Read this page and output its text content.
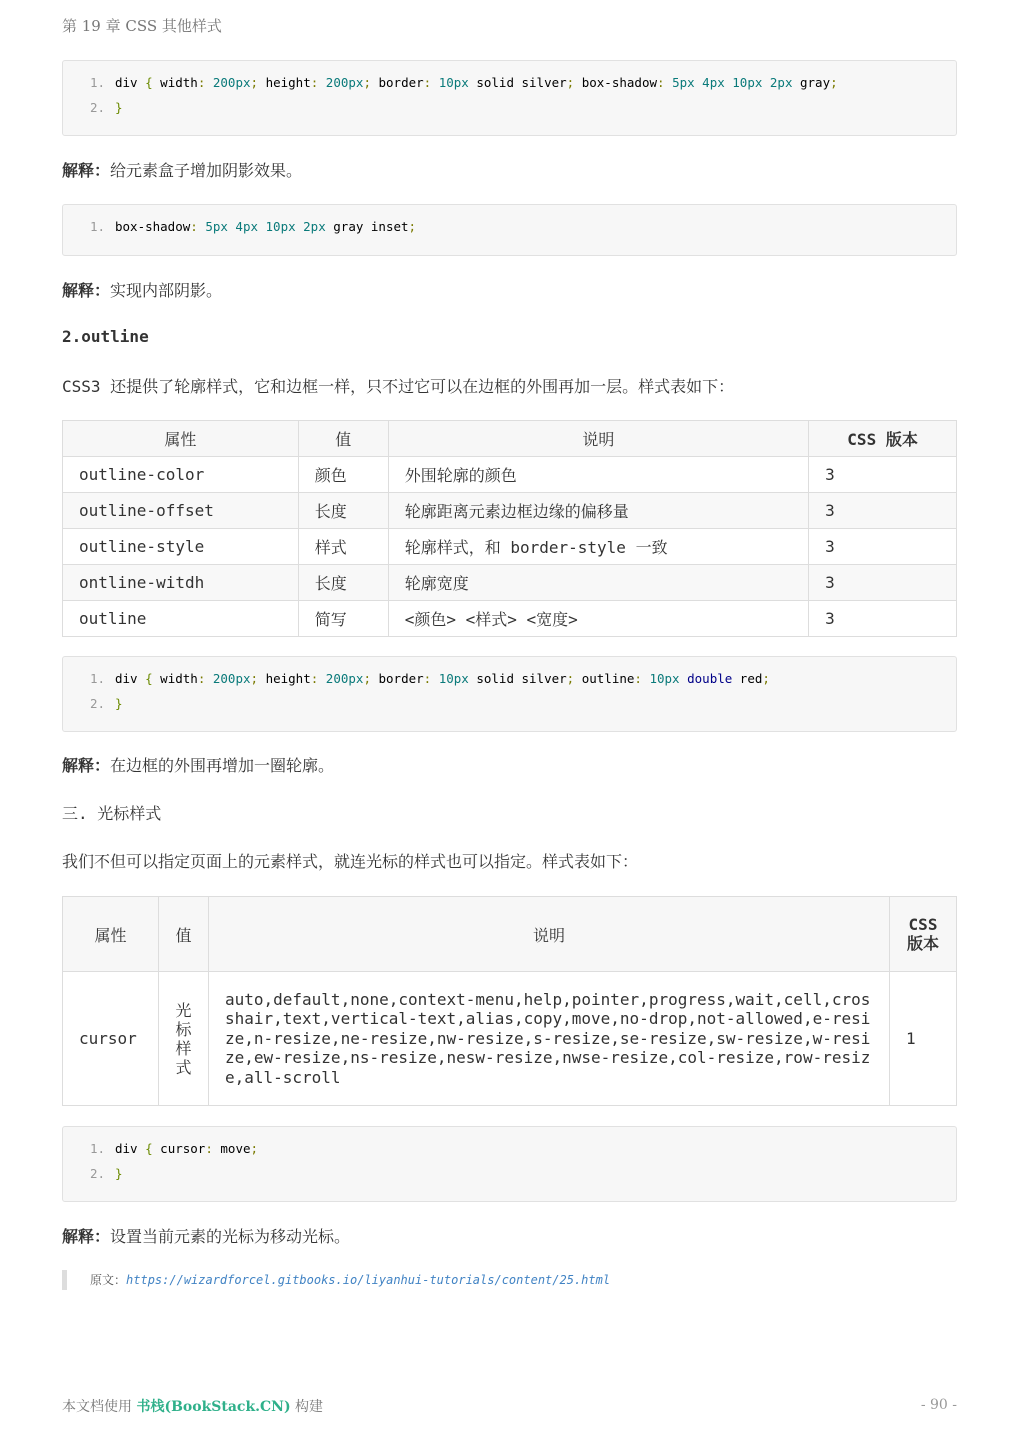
第 19 章 CSS 其他样式
1. div { width: 200px; height: 200px; border: 10px solid silver; box-shadow: 5px 4px 10px 2px gray;
2. }
解释：给元素盒子增加阴影效果。
1. box-shadow: 5px 4px 10px 2px gray inset;
解释：实现内部阴影。
2.outline
CSS3 还提供了轮廓样式，它和边框一样，只不过它可以在边框的外围再加一层。样式表如下：
属性	值	说明	CSS 版本
outline-color	颜色	外围轮廓的颜色	3
outline-offset	长度	轮廓距离元素边框边缘的偏移量	3
outline-style	样式	轮廓样式，和 border-style 一致	3
ontline-witdh	长度	轮廓宽度	3
outline	简写	<颜色> <样式> <宽度>	3
1. div { width: 200px; height: 200px; border: 10px solid silver; outline: 10px double red;
2. }
解释：在边框的外围再增加一圈轮廓。
三. 光标样式
我们不但可以指定页面上的元素样式，就连光标的样式也可以指定。样式表如下：
属性	值	说明	CSS 版本
cursor	光标样式	auto,default,none,context-menu,help,pointer,progress,wait,cell,crosshair,text,vertical-text,alias,copy,move,no-drop,not-allowed,e-resize,n-resize,ne-resize,nw-resize,s-resize,se-resize,sw-resize,w-resize,ew-resize,ns-resize,nesw-resize,nwse-resize,col-resize,row-resize,all-scroll	1
1. div { cursor: move;
2. }
解释：设置当前元素的光标为移动光标。
原文：https://wizardforcel.gitbooks.io/liyanhui-tutorials/content/25.html
本文档使用 书栈(BookStack.CN) 构建	- 90 -
